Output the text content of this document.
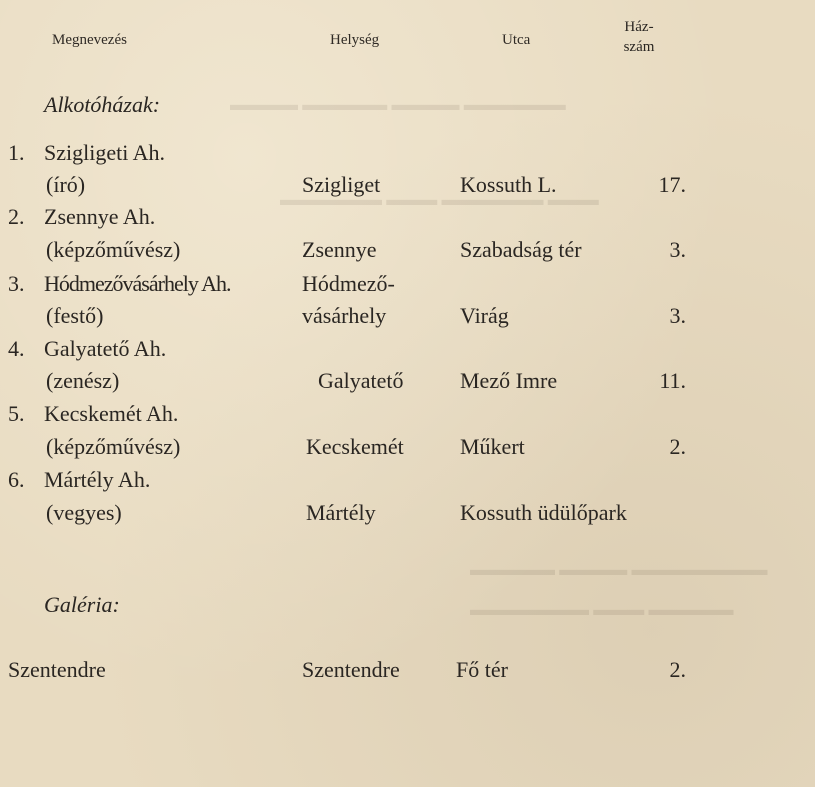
▬▬▬▬ ▬▬▬▬▬ ▬▬▬▬ ▬▬▬▬▬▬
▬▬▬▬▬▬ ▬▬▬ ▬▬▬▬▬▬ ▬▬▬
▬▬▬▬▬ ▬▬▬▬ ▬▬▬▬▬▬▬▬
▬▬▬▬▬▬▬ ▬▬▬ ▬▬▬▬▬
Megnevezés	Helység	Utca
Ház-
szám
Alkotóházak:
1. Szigligeti Ah.
(író)	Szigliget	Kossuth L.	17.
2. Zsennye Ah.
(képzőművész)	Zsennye	Szabadság tér	3.
3. Hódmezővásárhely Ah.	Hódmező-
(festő)	vásárhely	Virág	3.
4. Galyatető Ah.
(zenész)	Galyatető	Mező Imre	11.
5. Kecskemét Ah.
(képzőművész)	Kecskemét	Műkert	2.
6. Mártély Ah.
(vegyes)	Mártély	Kossuth üdülőpark
Galéria:
Szentendre	Szentendre	Fő tér	2.
